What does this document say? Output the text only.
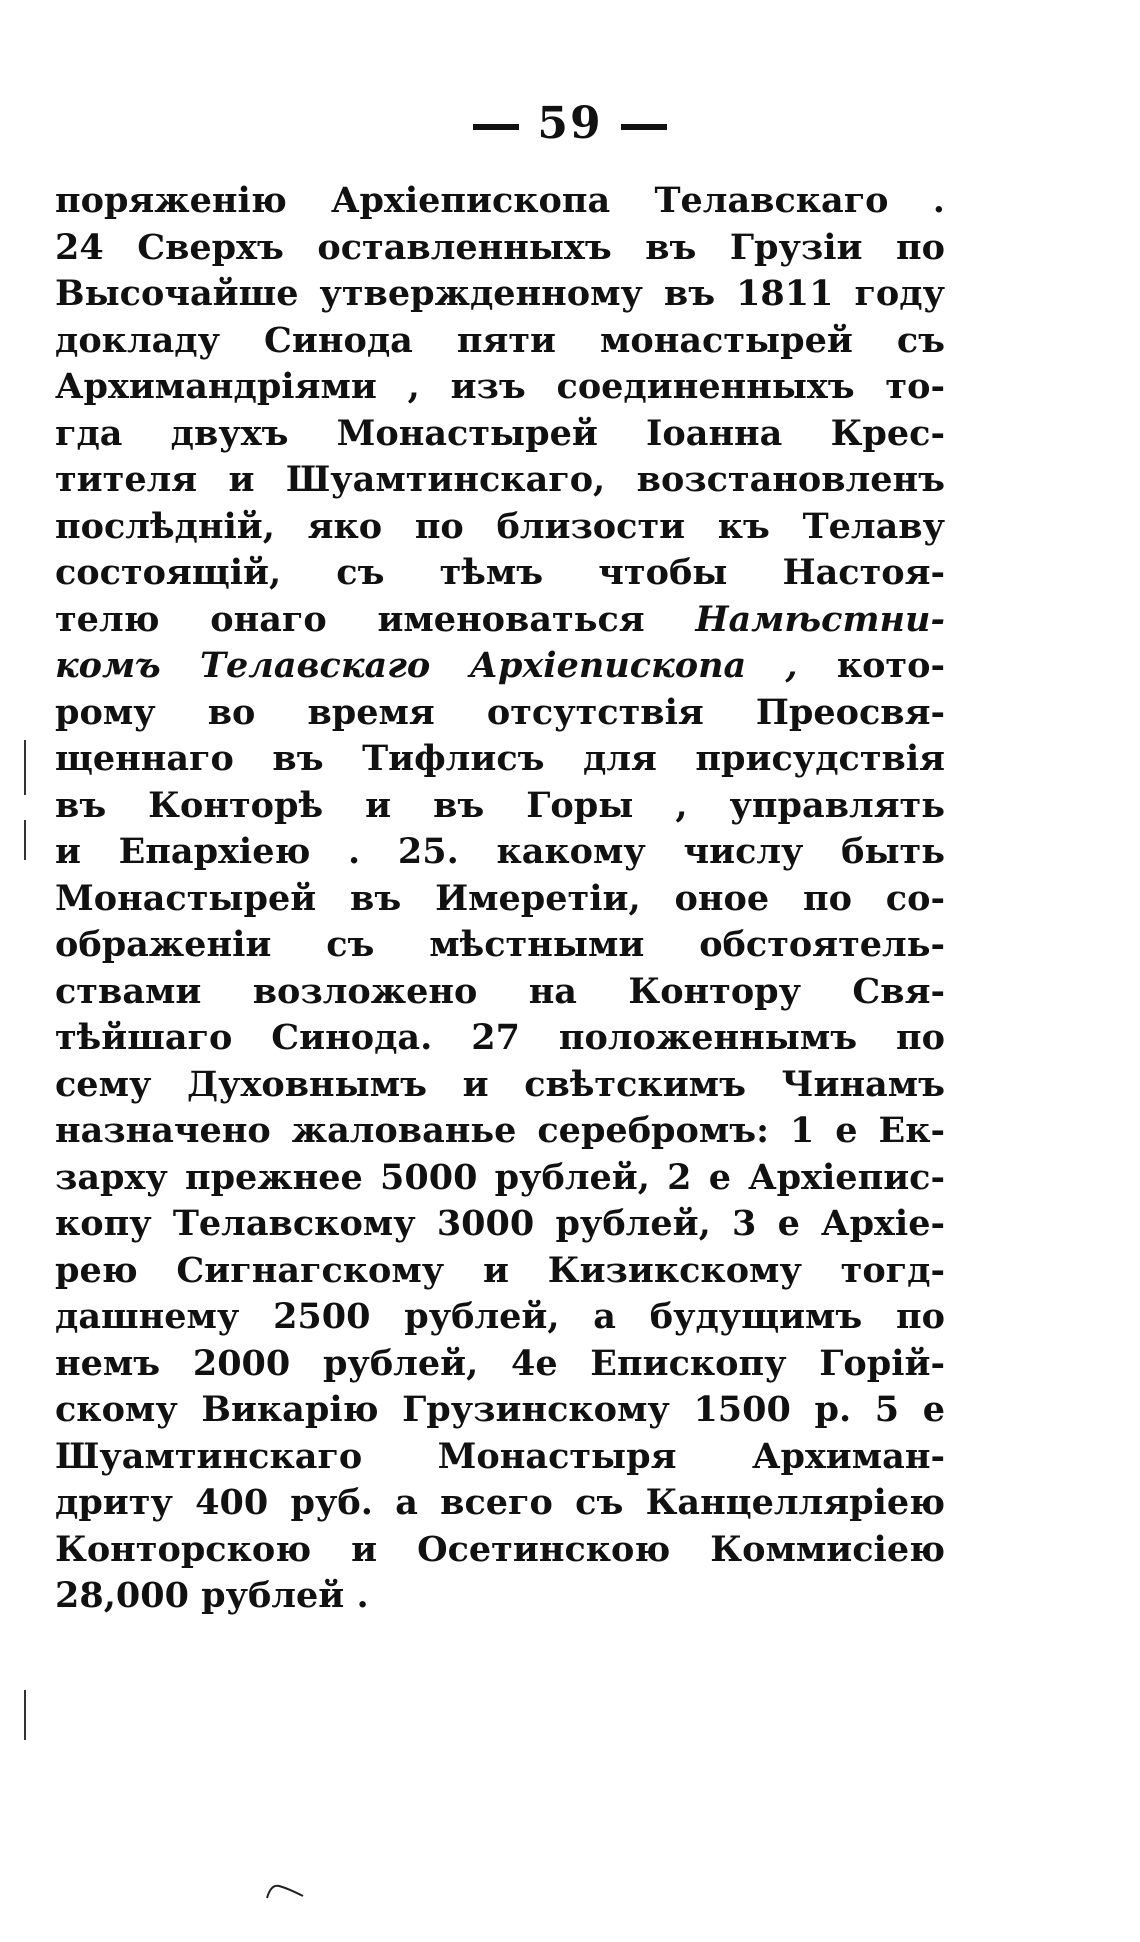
59
поряженію Архіепископа Телавскаго .
24 Сверхъ оставленныхъ въ Грузіи по
Высочайше утвержденному въ 1811 году
докладу Синода пяти монастырей съ
Архимандріями , изъ соединенныхъ то-
гда двухъ Монастырей Іоанна Крес-
тителя и Шуамтинскаго, возстановленъ
послѣдній, яко по близости къ Телаву
состоящій, съ тѣмъ чтобы Настоя-
телю онаго именоваться Намѣстни-
комъ Телавскаго Архіепископа , кото-
рому во время отсутствія Преосвя-
щеннаго въ Тифлисъ для присудствія
въ Конторѣ и въ Горы , управлять
и Епархіею . 25. какому числу быть
Монастырей въ Имеретіи, оное по со-
ображеніи съ мѣстными обстоятель-
ствами возложено на Контору Свя-
тѣйшаго Синода. 27 положеннымъ по
сему Духовнымъ и свѣтскимъ Чинамъ
назначено жалованье серебромъ: 1 е Ек-
зарху прежнее 5000 рублей, 2 е Архіепис-
копу Телавскому 3000 рублей, 3 е Архіе-
рею Сигнагскому и Кизикскому тогд-
дашнему 2500 рублей, а будущимъ по
немъ 2000 рублей, 4е Епископу Горій-
скому Викарію Грузинскому 1500 р. 5 е
Шуамтинскаго Монастыря Архиман-
дриту 400 руб. а всего съ Канцелляріею
Конторскою и Осетинскою Коммисіею
28,000 рублей .
